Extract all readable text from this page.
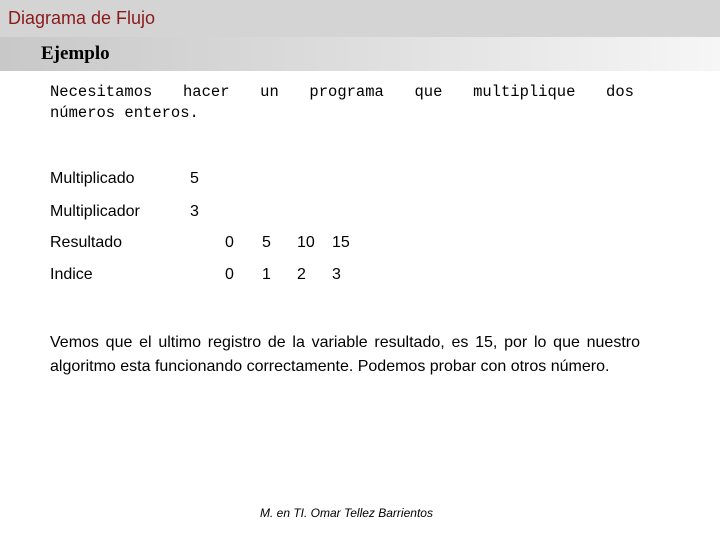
Diagrama de Flujo
Ejemplo
Necesitamos hacer un programa que multiplique dos
números enteros.
Multiplicado	5
Multiplicador	3
Resultado	0 5 10 15
Indice	0 1 2 3
Vemos que el ultimo registro de la variable resultado, es 15, por lo que nuestro algoritmo esta funcionando correctamente. Podemos probar con otros número.
M. en TI. Omar Tellez Barrientos
